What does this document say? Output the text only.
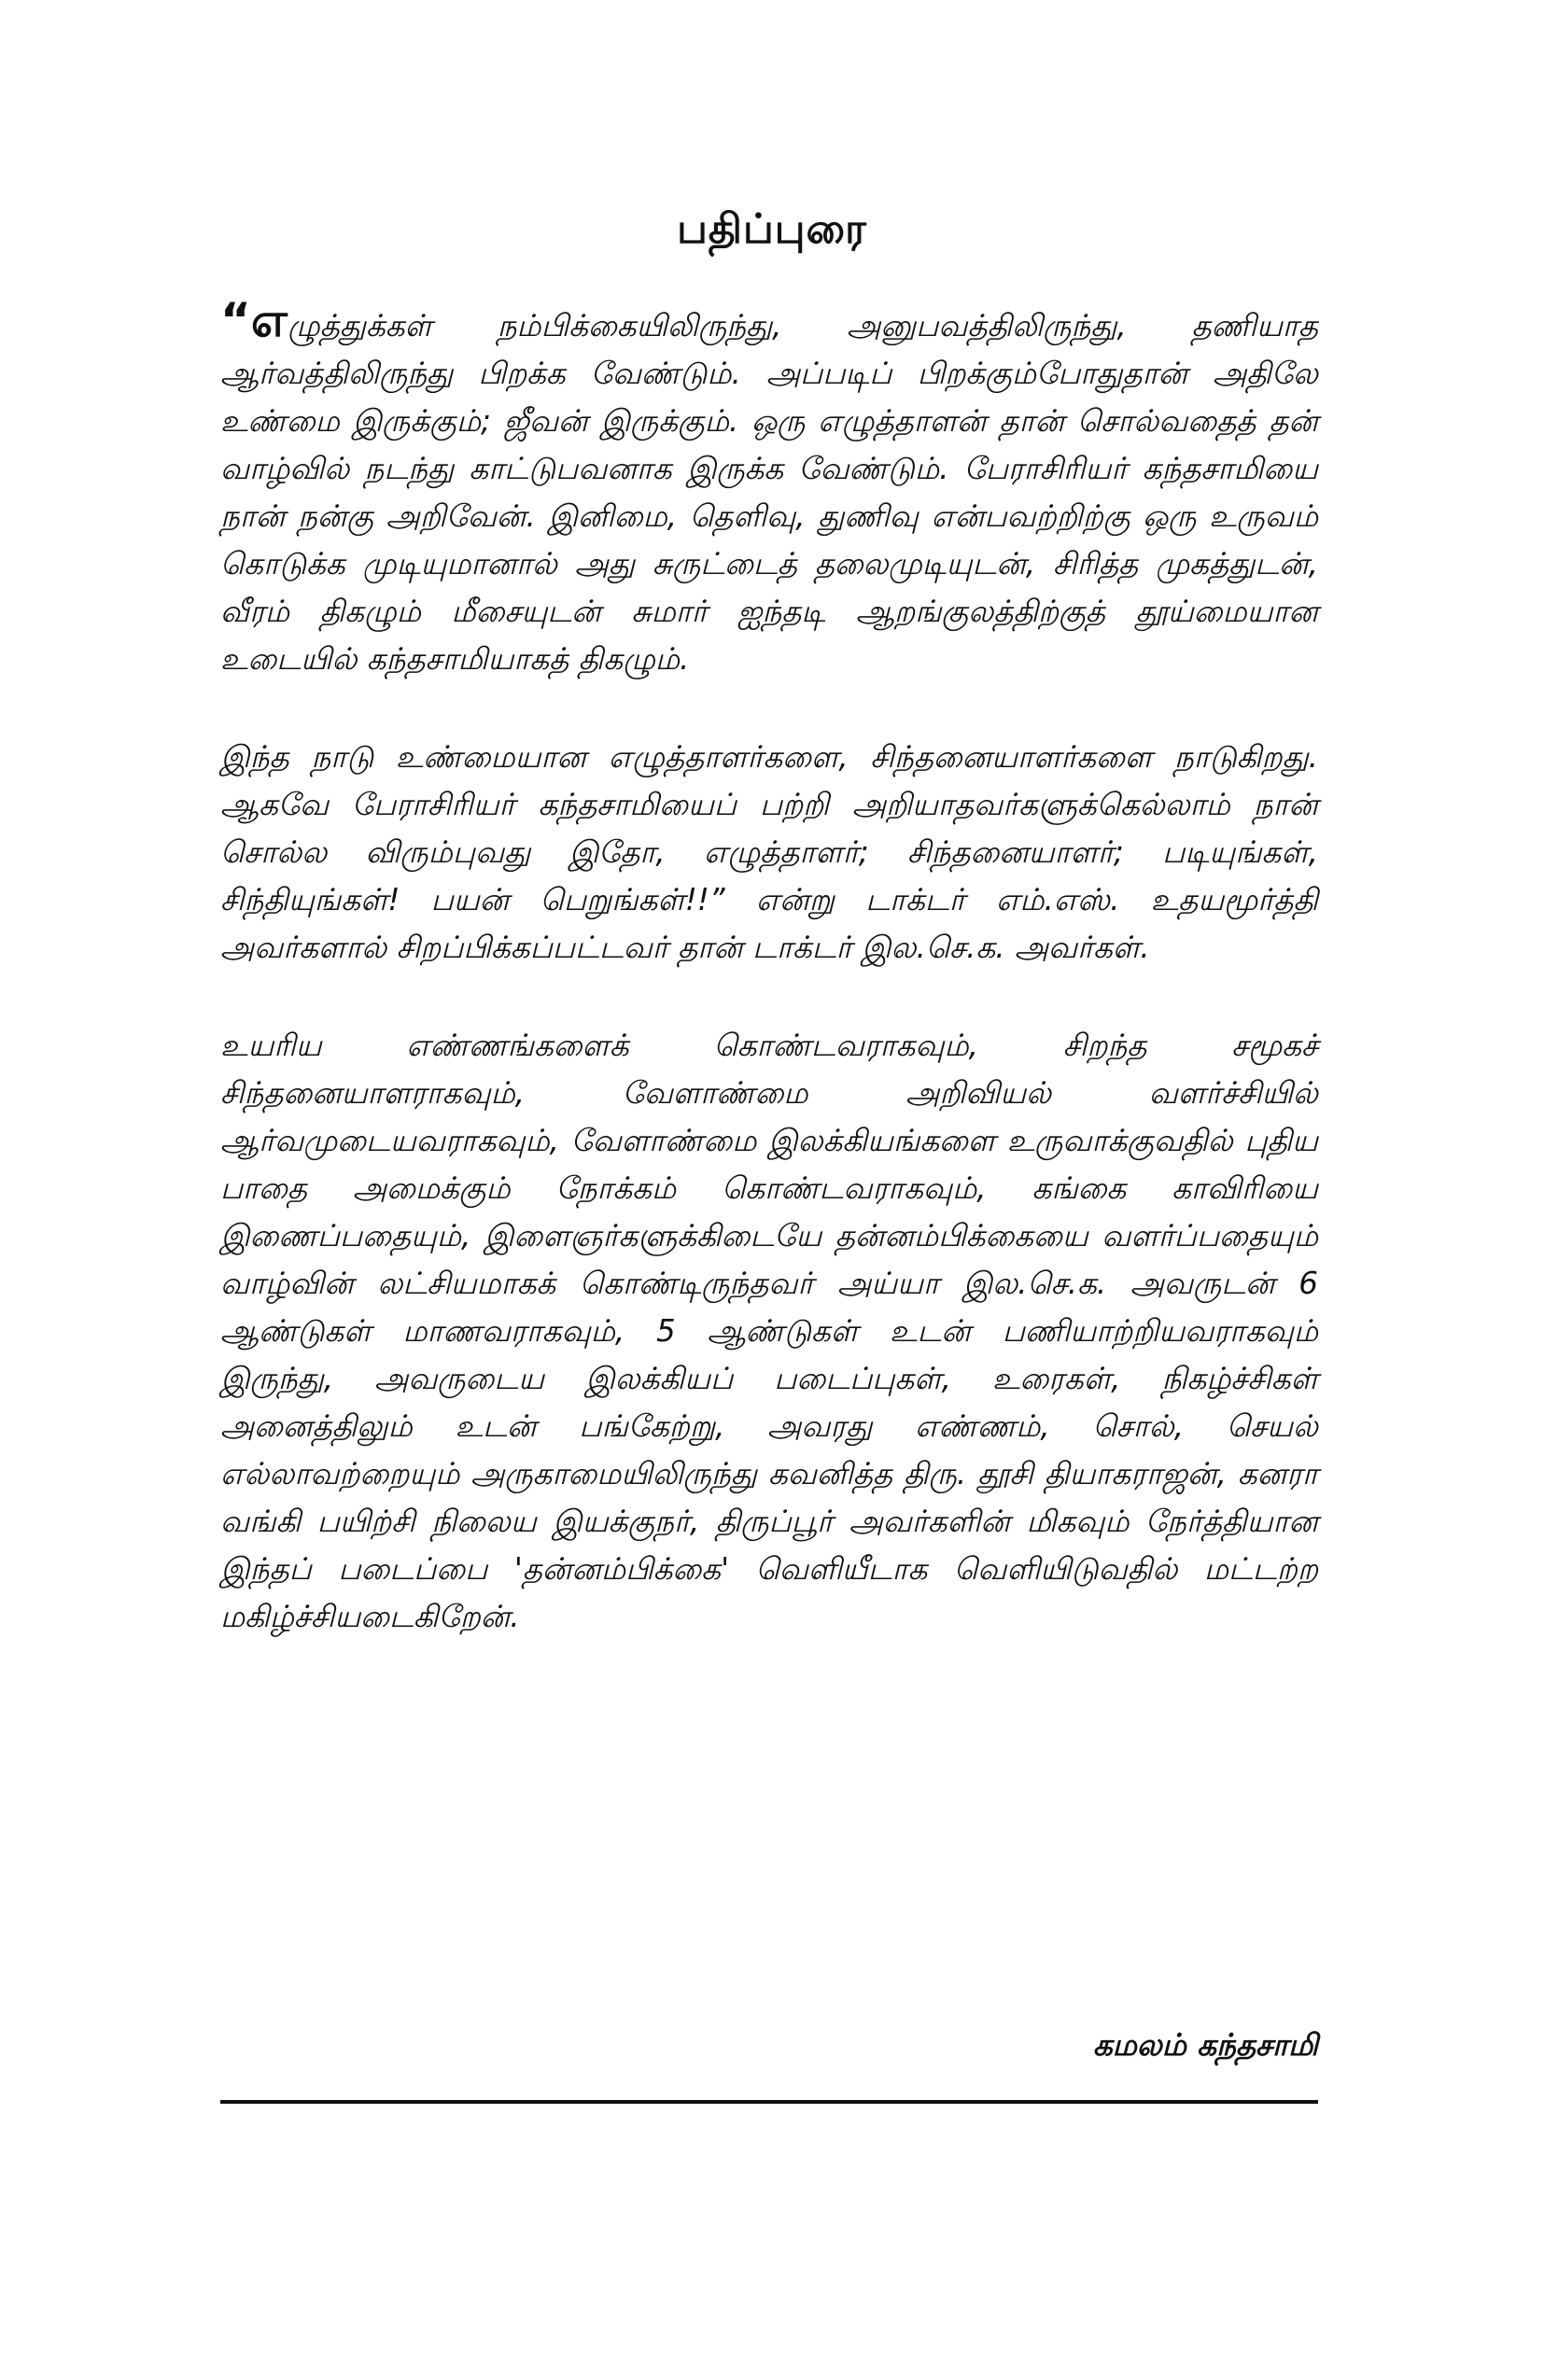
பதிப்புரை

“எழுத்துக்கள் நம்பிக்கையிலிருந்து, அனுபவத்திலிருந்து, தணியாத ஆர்வத்திலிருந்து பிறக்க வேண்டும். அப்படிப் பிறக்கும்போதுதான் அதிலே உண்மை இருக்கும்; ஜீவன் இருக்கும். ஒரு எழுத்தாளன் தான் சொல்வதைத் தன் வாழ்வில் நடந்து காட்டுபவனாக இருக்க வேண்டும். பேராசிரியர் கந்தசாமியை நான் நன்கு அறிவேன். இனிமை, தெளிவு, துணிவு என்பவற்றிற்கு ஒரு உருவம் கொடுக்க முடியுமானால் அது சுருட்டைத் தலைமுடியுடன், சிரித்த முகத்துடன், வீரம் திகழும் மீசையுடன் சுமார் ஐந்தடி ஆறங்குலத்திற்குத் தூய்மையான உடையில் கந்தசாமியாகத் திகழும்.

இந்த நாடு உண்மையான எழுத்தாளர்களை, சிந்தனையாளர்களை நாடுகிறது. ஆகவே பேராசிரியர் கந்தசாமியைப் பற்றி அறியாதவர்களுக்கெல்லாம் நான் சொல்ல விரும்புவது இதோ, எழுத்தாளர்; சிந்தனையாளர்; படியுங்கள், சிந்தியுங்கள்! பயன் பெறுங்கள்!!” என்று டாக்டர் எம்.எஸ். உதயமூர்த்தி அவர்களால் சிறப்பிக்கப்பட்டவர் தான் டாக்டர் இல.செ.க. அவர்கள்.

உயரிய எண்ணங்களைக் கொண்டவராகவும், சிறந்த சமூகச் சிந்தனையாளராகவும், வேளாண்மை அறிவியல் வளர்ச்சியில் ஆர்வமுடையவராகவும், வேளாண்மை இலக்கியங்களை உருவாக்குவதில் புதிய பாதை அமைக்கும் நோக்கம் கொண்டவராகவும், கங்கை காவிரியை இணைப்பதையும், இளைஞர்களுக்கிடையே தன்னம்பிக்கையை வளர்ப்பதையும் வாழ்வின் லட்சியமாகக் கொண்டிருந்தவர் அய்யா இல.செ.க. அவருடன் 6 ஆண்டுகள் மாணவராகவும், 5 ஆண்டுகள் உடன் பணியாற்றியவராகவும் இருந்து, அவருடைய இலக்கியப் படைப்புகள், உரைகள், நிகழ்ச்சிகள் அனைத்திலும் உடன் பங்கேற்று, அவரது எண்ணம், சொல், செயல் எல்லாவற்றையும் அருகாமையிலிருந்து கவனித்த திரு. தூசி தியாகராஜன், கனரா வங்கி பயிற்சி நிலைய இயக்குநர், திருப்பூர் அவர்களின் மிகவும் நேர்த்தியான இந்தப் படைப்பை 'தன்னம்பிக்கை' வெளியீடாக வெளியிடுவதில் மட்டற்ற மகிழ்ச்சியடைகிறேன்.

கமலம் கந்தசாமி
